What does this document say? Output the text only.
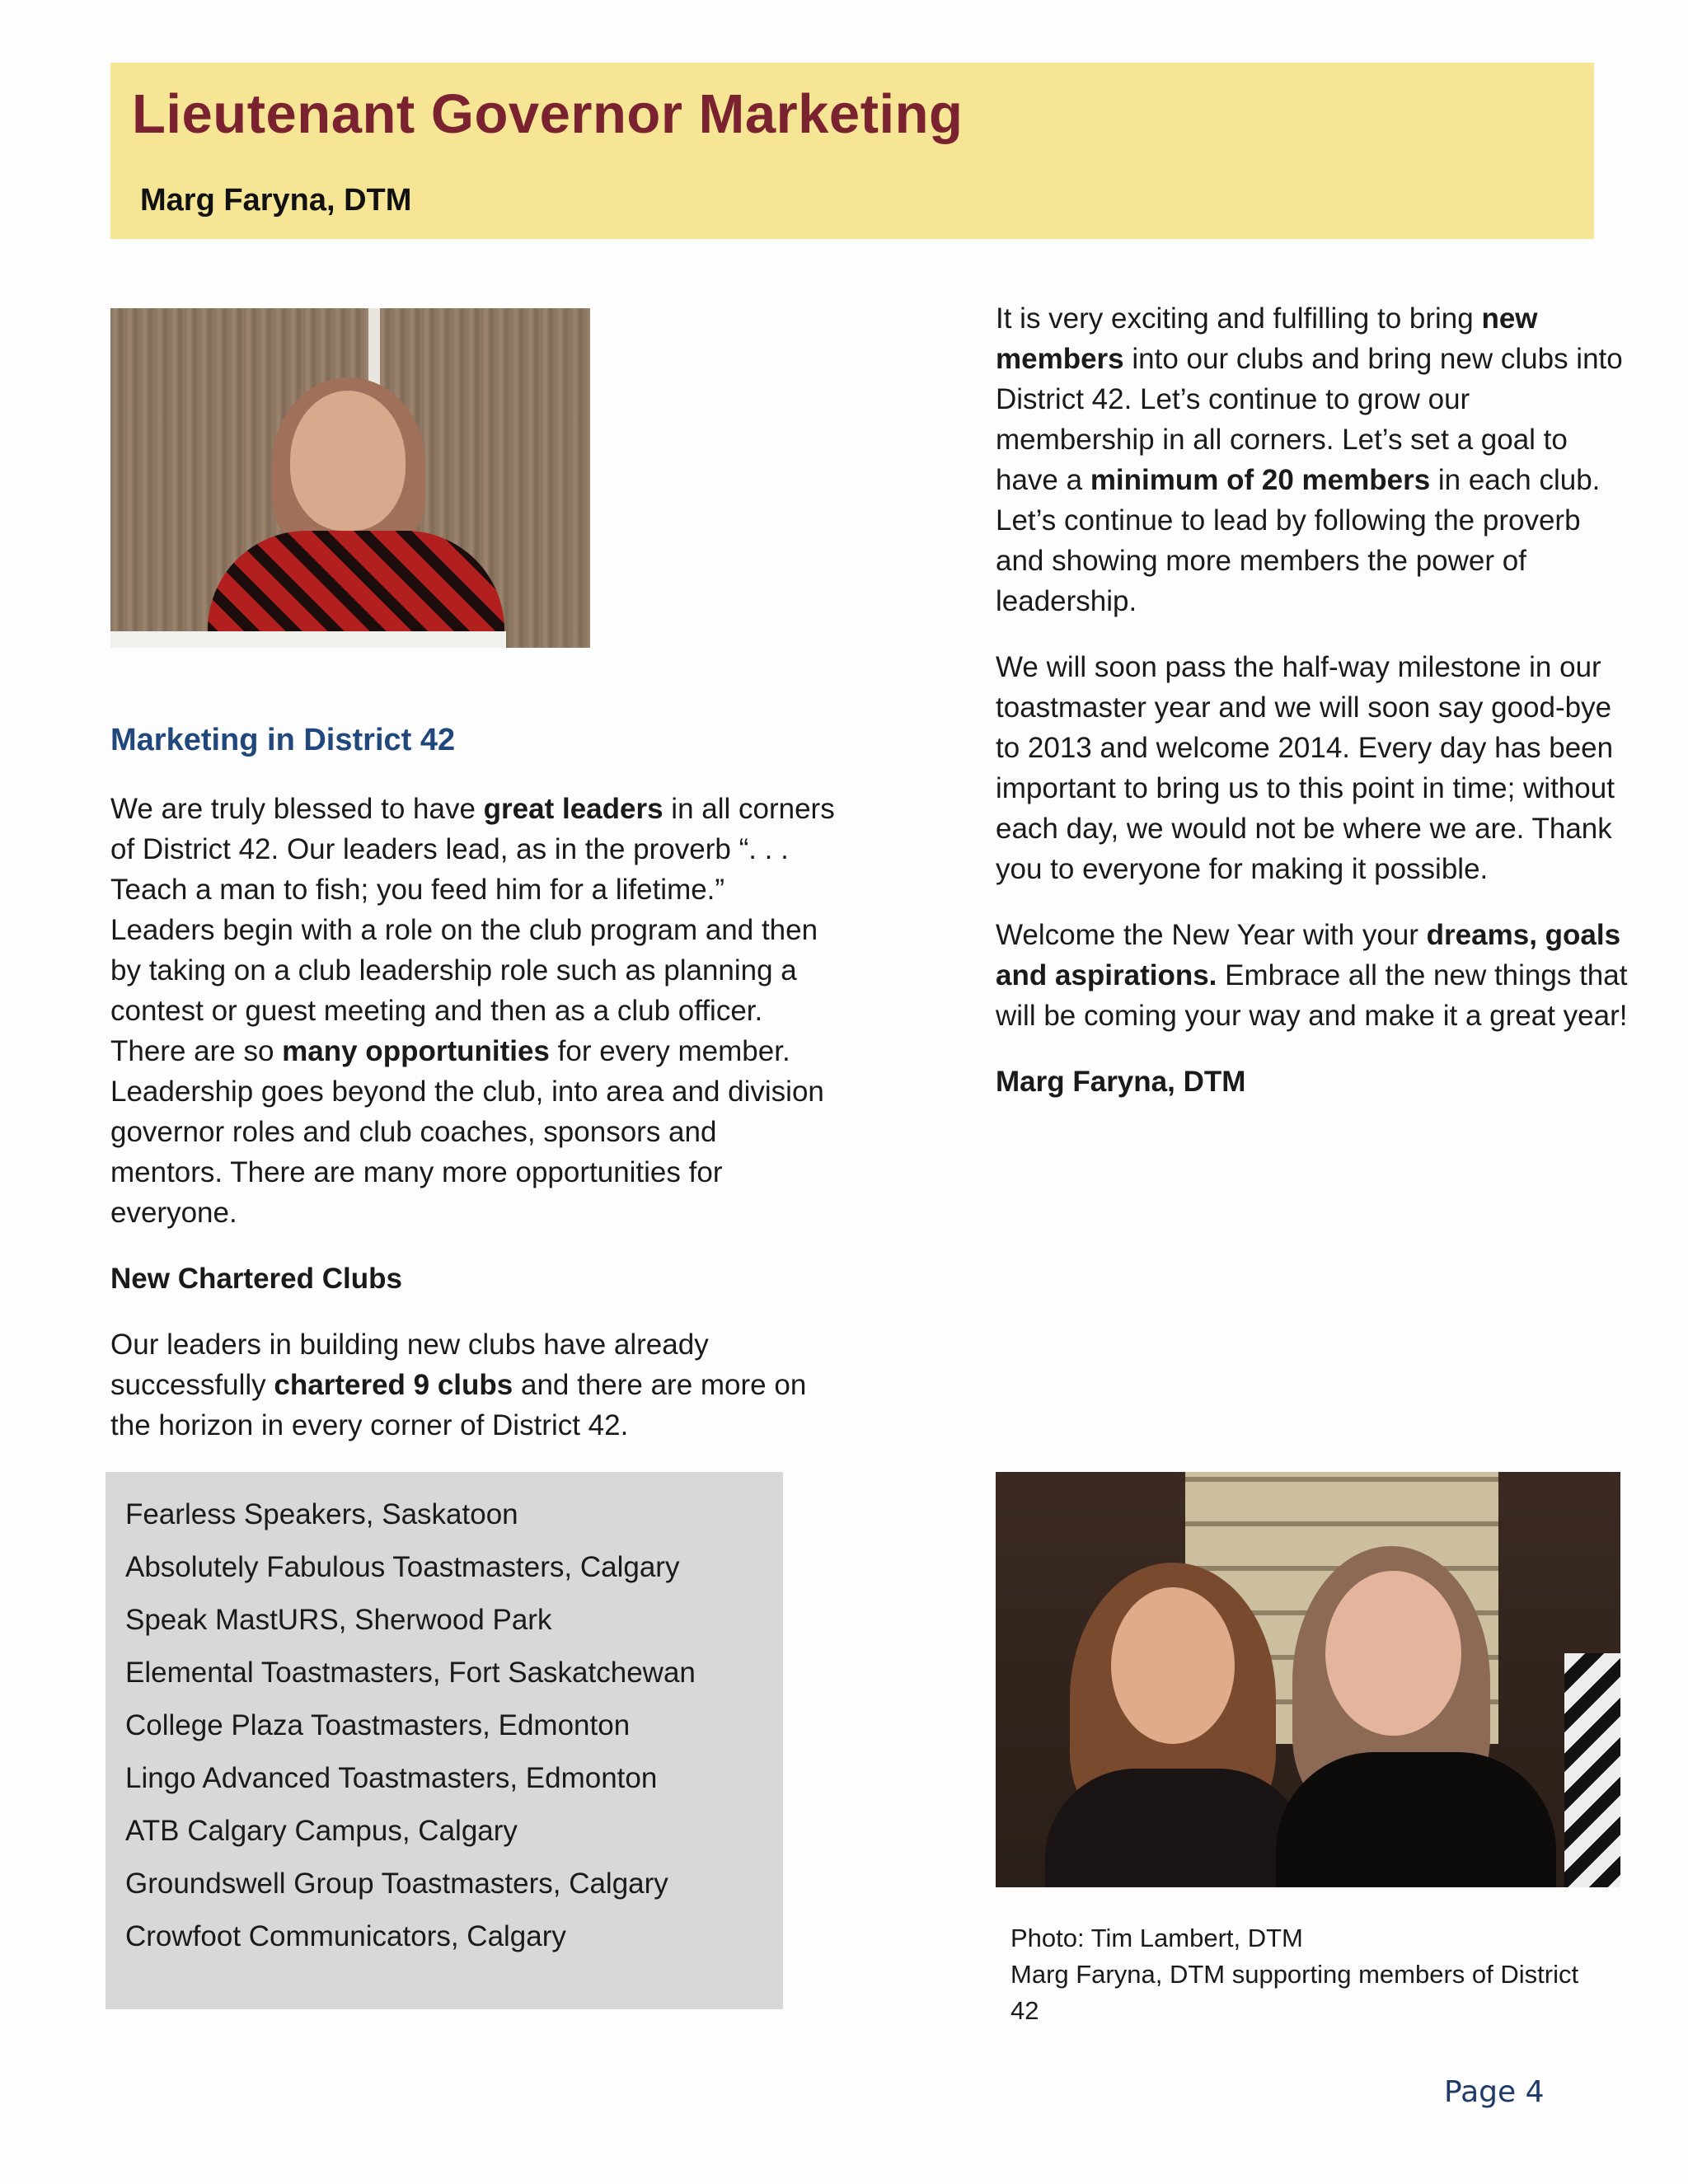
Lieutenant Governor Marketing

Marg Faryna, DTM

Marketing in District 42

We are truly blessed to have great leaders in all corners of District 42. Our leaders lead, as in the proverb “. . . Teach a man to fish; you feed him for a lifetime.” Leaders begin with a role on the club program and then by taking on a club leadership role such as planning a contest or guest meeting and then as a club officer. There are so many opportunities for every member. Leadership goes beyond the club, into area and division governor roles and club coaches, sponsors and mentors. There are many more opportunities for everyone.

New Chartered Clubs

Our leaders in building new clubs have already successfully chartered 9 clubs and there are more on the horizon in every corner of District 42.

Fearless Speakers, Saskatoon
Absolutely Fabulous Toastmasters, Calgary
Speak MastURS, Sherwood Park
Elemental Toastmasters, Fort Saskatchewan
College Plaza Toastmasters, Edmonton
Lingo Advanced Toastmasters, Edmonton
ATB Calgary Campus, Calgary
Groundswell Group Toastmasters, Calgary
Crowfoot Communicators, Calgary

It is very exciting and fulfilling to bring new members into our clubs and bring new clubs into District 42. Let’s continue to grow our membership in all corners. Let’s set a goal to have a minimum of 20 members in each club. Let’s continue to lead by following the proverb and showing more members the power of leadership.

We will soon pass the half-way milestone in our toastmaster year and we will soon say good-bye to 2013 and welcome 2014. Every day has been important to bring us to this point in time; without each day, we would not be where we are. Thank you to everyone for making it possible.

Welcome the New Year with your dreams, goals and aspirations. Embrace all the new things that will be coming your way and make it a great year!

Marg Faryna, DTM

Photo: Tim Lambert, DTM
Marg Faryna, DTM supporting members of District 42
Page 4
